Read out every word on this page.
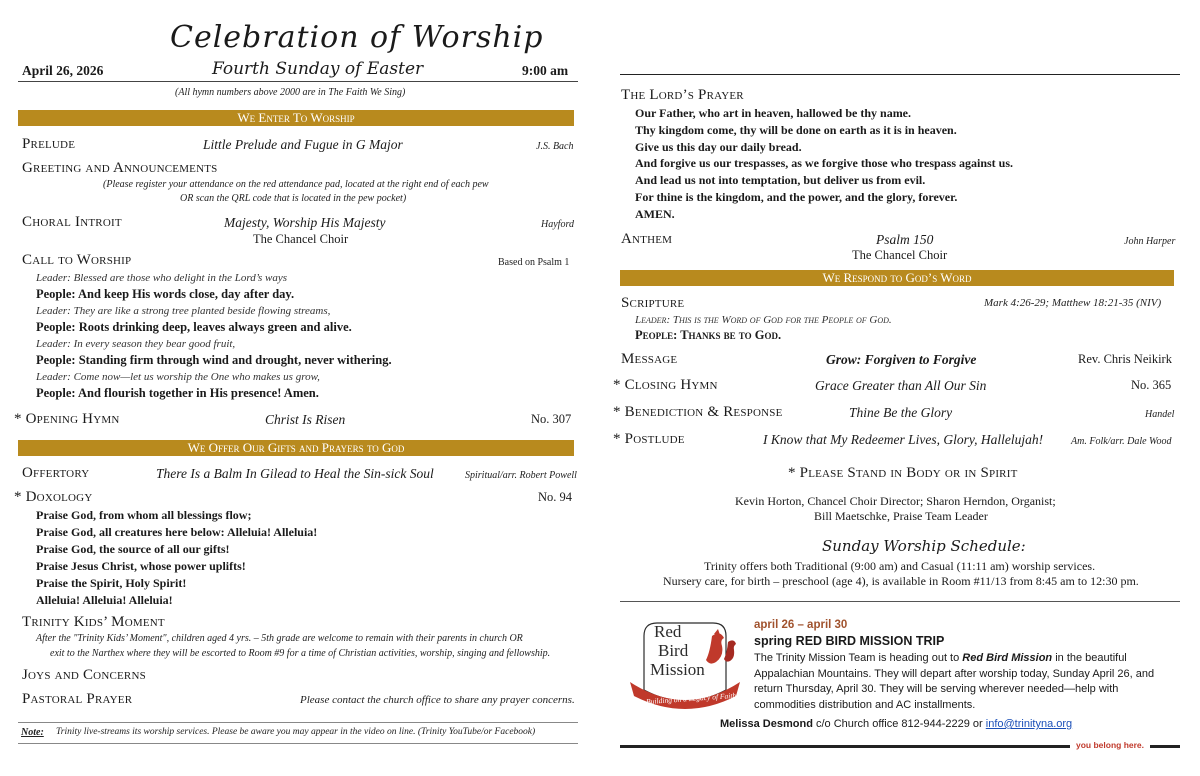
Celebration of Worship
April 26, 2026	Fourth Sunday of Easter	9:00 am
(All hymn numbers above 2000 are in The Faith We Sing)
We Enter To Worship
Prelude	Little Prelude and Fugue in G Major	J.S. Bach
Greeting and Announcements
(Please register your attendance on the red attendance pad, located at the right end of each pew
OR scan the QRL code that is located in the pew pocket)
Choral Introit	Majesty, Worship His Majesty	Hayford
The Chancel Choir
Call to Worship	Based on Psalm 1
Leader: Blessed are those who delight in the Lord’s ways
People: And keep His words close, day after day.
Leader: They are like a strong tree planted beside flowing streams,
People: Roots drinking deep, leaves always green and alive.
Leader: In every season they bear good fruit,
People: Standing firm through wind and drought, never withering.
Leader: Come now—let us worship the One who makes us grow,
People: And flourish together in His presence! Amen.
* Opening Hymn	Christ Is Risen	No. 307
We Offer Our Gifts and Prayers to God
Offertory	There Is a Balm In Gilead to Heal the Sin-sick Soul	Spiritual/arr. Robert Powell
* Doxology	No. 94
Praise God, from whom all blessings flow;
Praise God, all creatures here below: Alleluia! Alleluia!
Praise God, the source of all our gifts!
Praise Jesus Christ, whose power uplifts!
Praise the Spirit, Holy Spirit!
Alleluia! Alleluia! Alleluia!
Trinity Kids’ Moment
After the "Trinity Kids’ Moment", children aged 4 yrs. – 5th grade are welcome to remain with their parents in church OR
exit to the Narthex where they will be escorted to Room #9 for a time of Christian activities, worship, singing and fellowship.
Joys and Concerns
Pastoral Prayer	Please contact the church office to share any prayer concerns.
Note: Trinity live-streams its worship services. Please be aware you may appear in the video on line. (Trinity YouTube/or Facebook)
The Lord’s Prayer
Our Father, who art in heaven, hallowed be thy name.
Thy kingdom come, thy will be done on earth as it is in heaven.
Give us this day our daily bread.
And forgive us our trespasses, as we forgive those who trespass against us.
And lead us not into temptation, but deliver us from evil.
For thine is the kingdom, and the power, and the glory, forever.
AMEN.
Anthem	Psalm 150	John Harper
The Chancel Choir
We Respond to God’s Word
Scripture	Mark 4:26-29; Matthew 18:21-35 (NIV)
Leader: This is the Word of God for the People of God.
People: Thanks be to God.
Message	Grow: Forgiven to Forgive	Rev. Chris Neikirk
* Closing Hymn	Grace Greater than All Our Sin	No. 365
* Benediction & Response	Thine Be the Glory	Handel
* Postlude	I Know that My Redeemer Lives, Glory, Hallelujah!	Am. Folk/arr. Dale Wood
* Please Stand in Body or in Spirit
Kevin Horton, Chancel Choir Director; Sharon Herndon, Organist;
Bill Maetschke, Praise Team Leader
Sunday Worship Schedule:
Trinity offers both Traditional (9:00 am) and Casual (11:11 am) worship services.
Nursery care, for birth – preschool (age 4), is available in Room #11/13 from 8:45 am to 12:30 pm.
Red
Bird
Mission
Building on a Legacy of Faith
april 26 – april 30
spring RED BIRD MISSION TRIP
The Trinity Mission Team is heading out to Red Bird Mission in the beautiful
Appalachian Mountains. They will depart after worship today, Sunday April 26, and
return Thursday, April 30. They will be serving wherever needed—help with
commodities distribution and AC installments.
Melissa Desmond c/o Church office 812-944-2229 or info@trinityna.org
you belong here.
